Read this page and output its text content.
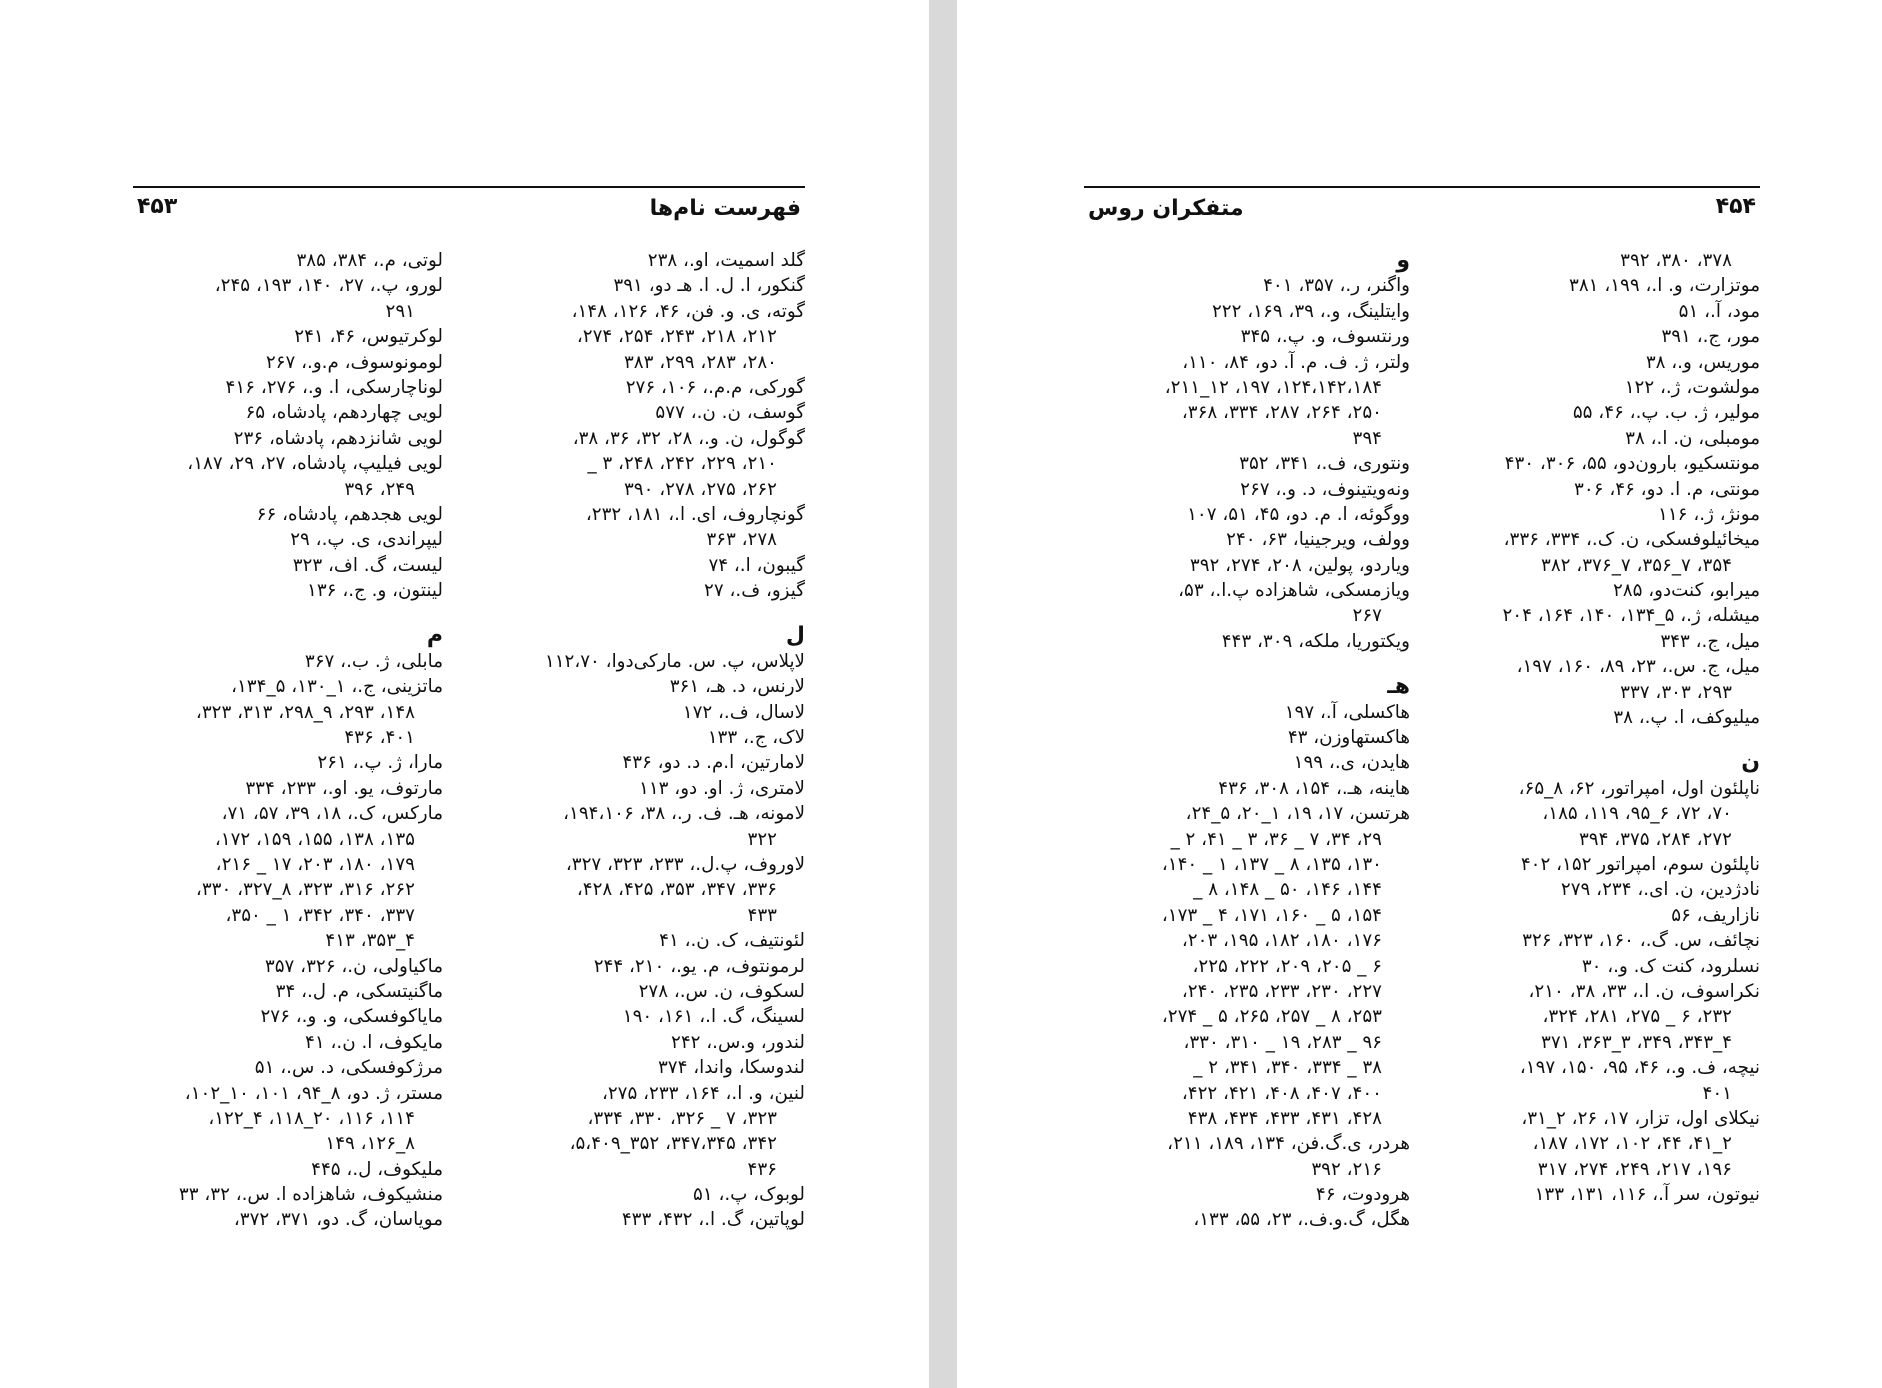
۴۵۳	فهرست نام‌ها
گلد اسمیت، او.، ۲۳۸
گنکور، ا. ل. ا. هـ دو، ۳۹۱
گوته، ی. و. فن، ۴۶، ۱۲۶، ۱۴۸،
۲۱۲، ۲۱۸، ۲۴۳، ۲۵۴، ۲۷۴،
۲۸۰، ۲۸۳، ۲۹۹، ۳۸۳
گورکی، م.م.، ۱۰۶، ۲۷۶
گوسف، ن. ن.، ۵۷۷
گوگول، ن. و.، ۲۸، ۳۲، ۳۶، ۳۸،
۲۱۰، ۲۲۹، ۲۴۲، ۲۴۸، ۳ _
۲۶۲، ۲۷۵، ۲۷۸، ۳۹۰
گونچاروف، ای. ا.، ۱۸۱، ۲۳۲،
۲۷۸، ۳۶۳
گیبون، ا.، ۷۴
گیزو، ف.، ۲۷
ل
لاپلاس، پ. س. مارکی‌دوا، ۱۱۲،۷۰
لارنس، د. هـ، ۳۶۱
لاسال، ف.، ۱۷۲
لاک، ج.، ۱۳۳
لامارتین، ا.م. د. دو، ۴۳۶
لامتری، ژ. او. دو، ۱۱۳
لامونه، هـ. ف. ر.، ۳۸، ۱۹۴،۱۰۶،
۳۲۲
لاوروف، پ.ل.، ۲۳۳، ۳۲۳، ۳۲۷،
۳۳۶، ۳۴۷، ۳۵۳، ۴۲۵، ۴۲۸،
۴۳۳
لئونتیف، ک. ن.، ۴۱
لرمونتوف، م. یو.، ۲۱۰، ۲۴۴
لسکوف، ن. س.، ۲۷۸
لسینگ، گ. ا.، ۱۶۱، ۱۹۰
لندور، و.س.، ۲۴۲
لندوسکا، واندا، ۳۷۴
لنین، و. ا.، ۱۶۴، ۲۳۳، ۲۷۵،
۳۲۳، ۷ _ ۳۲۶، ۳۳۰، ۳۳۴،
۳۴۲، ۳۴۷،۳۴۵، ۳۵۲_۵،۴۰۹،
۴۳۶
لوبوک، پ.، ۵۱
لوپاتین، گ. ا.، ۴۳۲، ۴۳۳
لوتی، م.، ۳۸۴، ۳۸۵
لورو، پ.، ۲۷، ۱۴۰، ۱۹۳، ۲۴۵،
۲۹۱
لوکرتیوس، ۴۶، ۲۴۱
لومونوسوف، م.و.، ۲۶۷
لوناچارسکی، ا. و.، ۲۷۶، ۴۱۶
لویی چهاردهم، پادشاه، ۶۵
لویی شانزدهم، پادشاه، ۲۳۶
لویی فیلیپ، پادشاه، ۲۷، ۲۹، ۱۸۷،
۲۴۹، ۳۹۶
لویی هجدهم، پادشاه، ۶۶
لیپراندی، ی. پ.، ۲۹
لیست، گ. اف، ۳۲۳
لینتون، و. ج.، ۱۳۶
م
مابلی، ژ. ب.، ۳۶۷
ماتزینی، ج.، ۱_۱۳۰، ۵_۱۳۴،
۱۴۸، ۲۹۳، ۹_۲۹۸، ۳۱۳، ۳۲۳،
۴۰۱، ۴۳۶
مارا، ژ. پ.، ۲۶۱
مارتوف، یو. او.، ۲۳۳، ۳۳۴
مارکس، ک.، ۱۸، ۳۹، ۵۷، ۷۱،
۱۳۵، ۱۳۸، ۱۵۵، ۱۵۹، ۱۷۲،
۱۷۹، ۱۸۰، ۲۰۳، ۱۷ _ ۲۱۶،
۲۶۲، ۳۱۶، ۳۲۳، ۸_۳۲۷، ۳۳۰،
۳۳۷، ۳۴۰، ۳۴۲، ۱ _ ۳۵۰،
۴_۳۵۳، ۴۱۳
ماکیاولی، ن.، ۳۲۶، ۳۵۷
ماگنیتسکی، م. ل.، ۳۴
مایاکوفسکی، و. و.، ۲۷۶
مایکوف، ا. ن.، ۴۱
مرژکوفسکی، د. س.، ۵۱
مستر، ژ. دو، ۸_۹۴، ۱۰۱، ۱۰_۱۰۲،
۱۱۴، ۱۱۶، ۲۰_۱۱۸، ۴_۱۲۲،
۸_۱۲۶، ۱۴۹
ملیکوف، ل.، ۴۴۵
منشیکوف، شاهزاده ا. س.، ۳۲، ۳۳
مویاسان، گ. دو، ۳۷۱، ۳۷۲،
متفکران روس	۴۵۴
۳۷۸، ۳۸۰، ۳۹۲
موتزارت، و. ا.، ۱۹۹، ۳۸۱
مود، آ.، ۵۱
مور، ج.، ۳۹۱
موریس، و.، ۳۸
مولشوت، ژ.، ۱۲۲
مولیر، ژ. ب. پ.، ۴۶، ۵۵
مومبلی، ن. ا.، ۳۸
مونتسکیو، بارون‌دو، ۵۵، ۳۰۶، ۴۳۰
مونتی، م. ا. دو، ۴۶، ۳۰۶
مونژ، ژ.، ۱۱۶
میخائیلوفسکی، ن. ک.، ۳۳۴، ۳۳۶،
۳۵۴، ۷_۳۵۶، ۷_۳۷۶، ۳۸۲
میرابو، کنت‌دو، ۲۸۵
میشله، ژ.، ۵_۱۳۴، ۱۴۰، ۱۶۴، ۲۰۴
میل، ج.، ۳۴۳
میل، ج. س.، ۲۳، ۸۹، ۱۶۰، ۱۹۷،
۲۹۳، ۳۰۳، ۳۳۷
میلیوکف، ا. پ.، ۳۸
ن
ناپلئون اول، امپراتور، ۶۲، ۸_۶۵،
۷۰، ۷۲، ۶_۹۵، ۱۱۹، ۱۸۵،
۲۷۲، ۲۸۴، ۳۷۵، ۳۹۴
ناپلئون سوم، امپراتور ۱۵۲، ۴۰۲
نادژدین، ن. ای.، ۲۳۴، ۲۷۹
نازاریف، ۵۶
نچائف، س. گ.، ۱۶۰، ۳۲۳، ۳۲۶
نسلرود، کنت ک. و.، ۳۰
نکراسوف، ن. ا.، ۳۳، ۳۸، ۲۱۰،
۲۳۲، ۶ _ ۲۷۵، ۲۸۱، ۳۲۴،
۴_۳۴۳، ۳۴۹، ۳_۳۶۳، ۳۷۱
نیچه، ف. و.، ۴۶، ۹۵، ۱۵۰، ۱۹۷،
۴۰۱
نیکلای اول، تزار، ۱۷، ۲۶، ۲_۳۱،
۲_۴۱، ۴۴، ۱۰۲، ۱۷۲، ۱۸۷،
۱۹۶، ۲۱۷، ۲۴۹، ۲۷۴، ۳۱۷
نیوتون، سر آ.، ۱۱۶، ۱۳۱، ۱۳۳
و
واگنر، ر.، ۳۵۷، ۴۰۱
وایتلینگ، و.، ۳۹، ۱۶۹، ۲۲۲
ورنتسوف، و. پ.، ۳۴۵
ولتر، ژ. ف. م. آ. دو، ۸۴، ۱۱۰،
۱۲۴،۱۴۲،۱۸۴، ۱۹۷، ۱۲_۲۱۱،
۲۵۰، ۲۶۴، ۲۸۷، ۳۳۴، ۳۶۸،
۳۹۴
ونتوری، ف.، ۳۴۱، ۳۵۲
ونه‌ویتینوف، د. و.، ۲۶۷
ووگوئه، ا. م. دو، ۴۵، ۵۱، ۱۰۷
وولف، ویرجینیا، ۶۳، ۲۴۰
ویاردو، پولین، ۲۰۸، ۲۷۴، ۳۹۲
ویازمسکی، شاهزاده پ.ا.، ۵۳،
۲۶۷
ویکتوریا، ملکه، ۳۰۹، ۴۴۳
هـ
هاکسلی، آ.، ۱۹۷
هاکستهاوزن، ۴۳
هایدن، ی.، ۱۹۹
هاینه، هـ.، ۱۵۴، ۳۰۸، ۴۳۶
هرتسن، ۱۷، ۱۹، ۱_۲۰، ۵_۲۴،
۲۹، ۳۴، ۷ _ ۳۶، ۳ _ ۴۱، ۲ _
۱۳۰، ۱۳۵، ۸ _ ۱۳۷، ۱ _ ۱۴۰،
۱۴۴، ۱۴۶، ۵۰ _ ۱۴۸، ۸ _
۱۵۴، ۵ _ ۱۶۰، ۱۷۱، ۴ _ ۱۷۳،
۱۷۶، ۱۸۰، ۱۸۲، ۱۹۵، ۲۰۳،
۶ _ ۲۰۵، ۲۰۹، ۲۲۲، ۲۲۵،
۲۲۷، ۲۳۰، ۲۳۳، ۲۳۵، ۲۴۰،
۲۵۳، ۸ _ ۲۵۷، ۲۶۵، ۵ _ ۲۷۴،
۹۶ _ ۲۸۳، ۱۹ _ ۳۱۰، ۳۳۰،
۳۸ _ ۳۳۴، ۳۴۰، ۳۴۱، ۲ _
۴۰۰، ۴۰۷، ۴۰۸، ۴۲۱، ۴۲۲،
۴۲۸، ۴۳۱، ۴۳۳، ۴۳۴، ۴۳۸
هردر، ی.گ.فن، ۱۳۴، ۱۸۹، ۲۱۱،
۲۱۶، ۳۹۲
هرودوت، ۴۶
هگل، گ.و.ف.، ۲۳، ۵۵، ۱۳۳،
